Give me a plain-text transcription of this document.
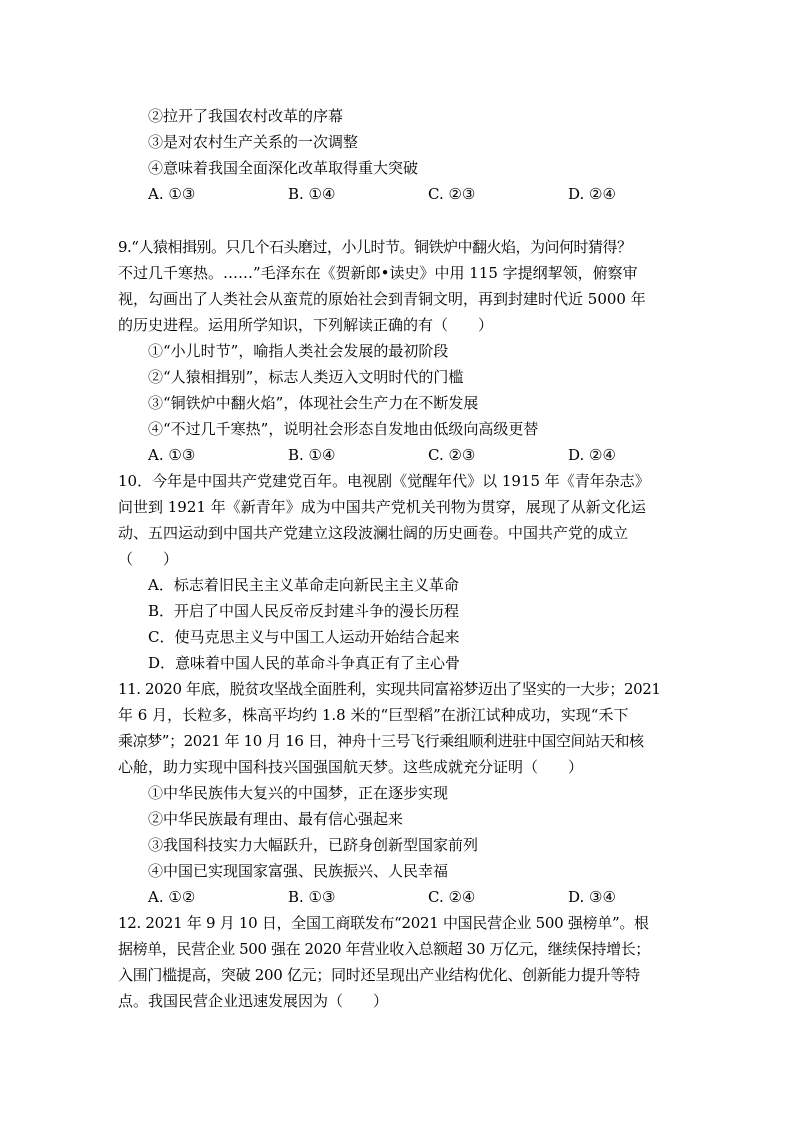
②拉开了我国农村改革的序幕
③是对农村生产关系的一次调整
④意味着我国全面深化改革取得重大突破
A. ①③	B. ①④	C. ②③	D. ②④
9.“人猿相揖别。只几个石头磨过，小儿时节。铜铁炉中翻火焰，为问何时猜得？
不过几千寒热。……”毛泽东在《贺新郎•读史》中用 115 字提纲挈领，俯察审
视，勾画出了人类社会从蛮荒的原始社会到青铜文明，再到封建时代近 5000 年
的历史进程。运用所学知识，下列解读正确的有（　　）
①“小儿时节”，喻指人类社会发展的最初阶段
②“人猿相揖别”，标志人类迈入文明时代的门槛
③“铜铁炉中翻火焰”，体现社会生产力在不断发展
④“不过几千寒热”，说明社会形态自发地由低级向高级更替
A. ①③	B. ①④	C. ②③	D. ②④
10．今年是中国共产党建党百年。电视剧《觉醒年代》以 1915 年《青年杂志》
问世到 1921 年《新青年》成为中国共产党机关刊物为贯穿，展现了从新文化运
动、五四运动到中国共产党建立这段波澜壮阔的历史画卷。中国共产党的成立
（　　）
A．标志着旧民主主义革命走向新民主主义革命
B．开启了中国人民反帝反封建斗争的漫长历程
C．使马克思主义与中国工人运动开始结合起来
D．意味着中国人民的革命斗争真正有了主心骨
11. 2020 年底，脱贫攻坚战全面胜利，实现共同富裕梦迈出了坚实的一大步；2021
年 6 月，长粒多，株高平均约 1.8 米的“巨型稻”在浙江试种成功，实现“禾下
乘凉梦”；2021 年 10 月 16 日，神舟十三号飞行乘组顺利进驻中国空间站天和核
心舱，助力实现中国科技兴国强国航天梦。这些成就充分证明（　　）
①中华民族伟大复兴的中国梦，正在逐步实现
②中华民族最有理由、最有信心强起来
③我国科技实力大幅跃升，已跻身创新型国家前列
④中国已实现国家富强、民族振兴、人民幸福
A. ①②	B. ①③	C. ②④	D. ③④
12. 2021 年 9 月 10 日，全国工商联发布“2021 中国民营企业 500 强榜单”。根
据榜单，民营企业 500 强在 2020 年营业收入总额超 30 万亿元，继续保持增长；
入围门槛提高，突破 200 亿元；同时还呈现出产业结构优化、创新能力提升等特
点。我国民营企业迅速发展因为（　　）
